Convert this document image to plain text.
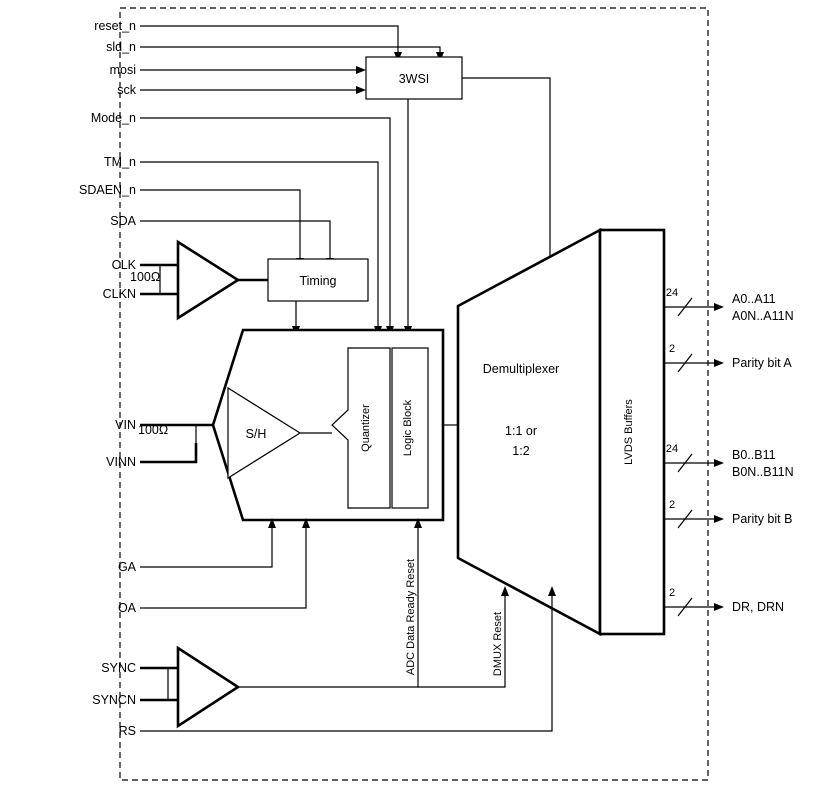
reset_n
sld_n
mosi
sck
Mode_n
TM_n
SDAEN_n
SDA
CLK
CLKN
VIN
VINN
GA
OA
SYNC
SYNCN
RS
100Ω
100Ω
3WSI
Timing
S/H	Quantizer	Logic Block
Demultiplexer
1:1 or
1:2	LVDS Buffers
ADC Data Ready Reset	DMUX Reset
24
2
24
2
2
A0..A11
A0N..A11N
Parity bit A
B0..B11
B0N..B11N
Parity bit B
DR, DRN
